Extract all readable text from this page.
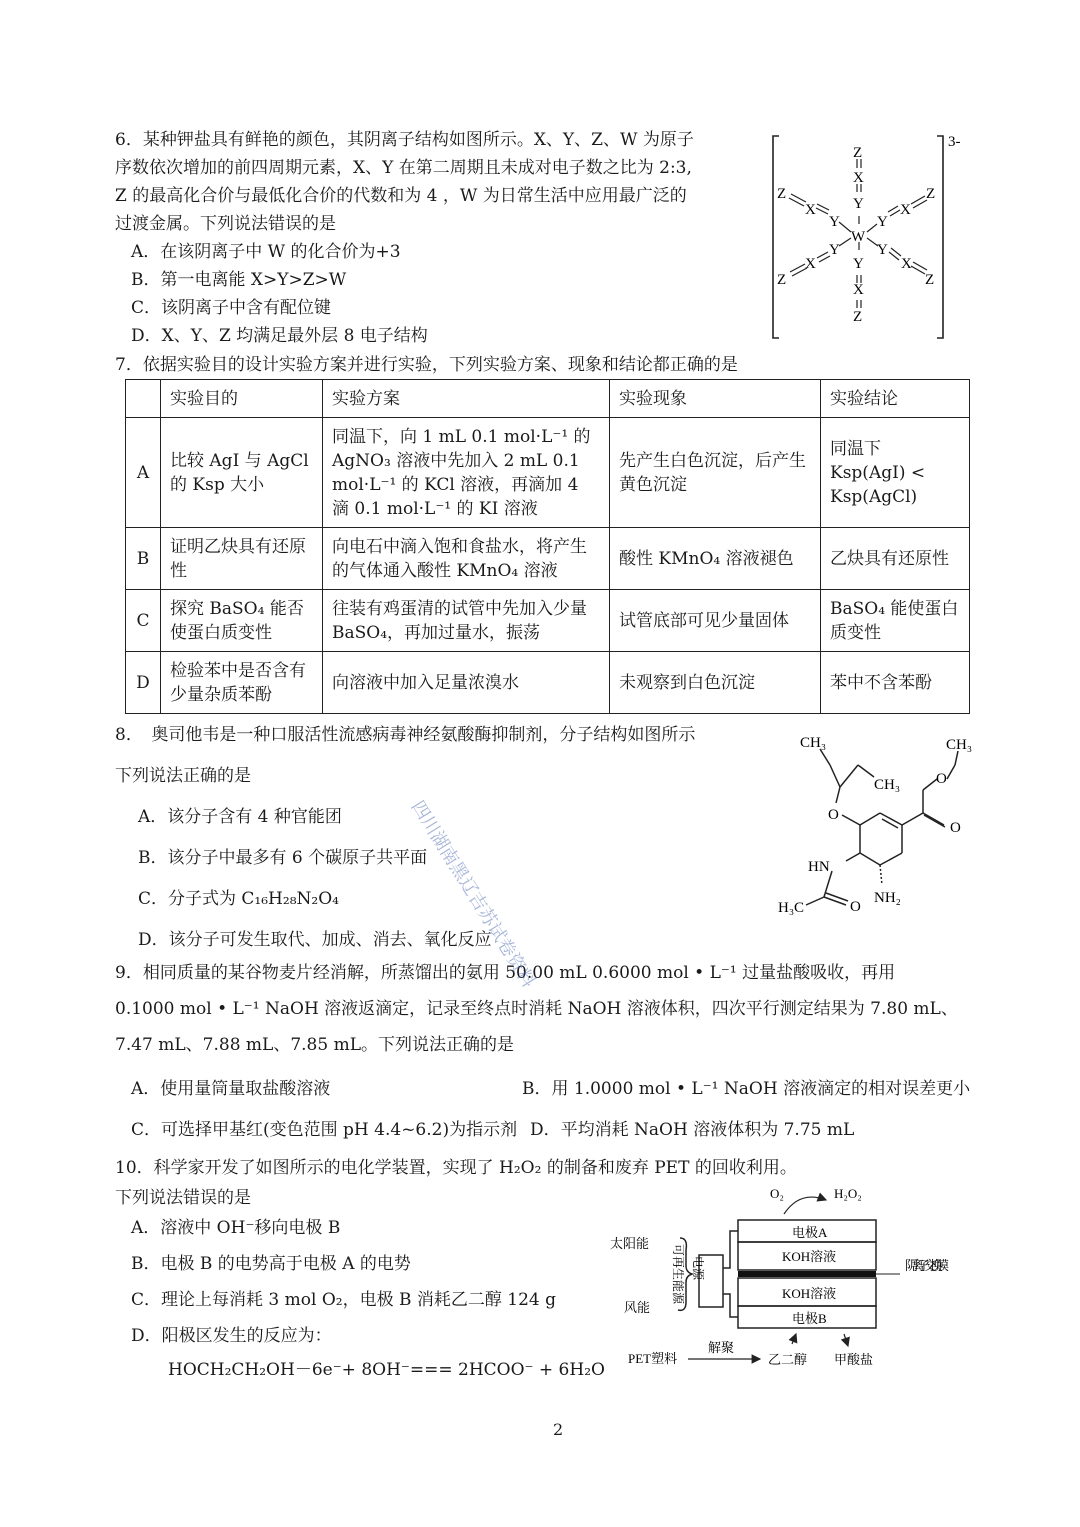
6．某种钾盐具有鲜艳的颜色，其阴离子结构如图所示。X、Y、Z、W 为原子
序数依次增加的前四周期元素，X、Y 在第二周期且未成对电子数之比为 2:3,
Z 的最高化合价与最低化合价的代数和为 4 ，W 为日常生活中应用最广泛的
过渡金属。下列说法错误的是
A．在该阴离子中 W 的化合价为+3
B．第一电离能 X>Y>Z>W
C．该阴离子中含有配位键
D．X、Y、Z 均满足最外层 8 电子结构
3-
Z
X
Y
W
Y
X
Z
Z
X
Y Y
X
Z
Y
X
Z
Y
X
Z
7．依据实验目的设计实验方案并进行实验，下列实验方案、现象和结论都正确的是
	实验目的	实验方案	实验现象	实验结论
A	比较 AgI 与 AgCl 的 Ksp 大小	同温下，向 1 mL 0.1 mol·L⁻¹ 的 AgNO₃ 溶液中先加入 2 mL 0.1 mol·L⁻¹ 的 KCl 溶液，再滴加 4 滴 0.1 mol·L⁻¹ 的 KI 溶液	先产生白色沉淀，后产生黄色沉淀	同温下 Ksp(AgI) < Ksp(AgCl)
B	证明乙炔具有还原性	向电石中滴入饱和食盐水，将产生的气体通入酸性 KMnO₄ 溶液	酸性 KMnO₄ 溶液褪色	乙炔具有还原性
C	探究 BaSO₄ 能否使蛋白质变性	往装有鸡蛋清的试管中先加入少量 BaSO₄，再加过量水，振荡	试管底部可见少量固体	BaSO₄ 能使蛋白质变性
D	检验苯中是否含有少量杂质苯酚	向溶液中加入足量浓溴水	未观察到白色沉淀	苯中不含苯酚
8．　奥司他韦是一种口服活性流感病毒神经氨酸酶抑制剂，分子结构如图所示
下列说法正确的是
A．该分子含有 4 种官能团
B．该分子中最多有 6 个碳原子共平面
C．分子式为 C₁₆H₂₈N₂O₄
D．该分子可发生取代、加成、消去、氧化反应
CH₃	CH₃
CH₃
O
O
O
HN
NH₂
H₃C	O
9．相同质量的某谷物麦片经消解，所蒸馏出的氨用 50.00 mL 0.6000 mol • L⁻¹ 过量盐酸吸收，再用
0.1000 mol • L⁻¹ NaOH 溶液返滴定，记录至终点时消耗 NaOH 溶液体积，四次平行测定结果为 7.80 mL、
7.47 mL、7.88 mL、7.85 mL。下列说法正确的是
A．使用量筒量取盐酸溶液	B．用 1.0000 mol • L⁻¹ NaOH 溶液滴定的相对误差更小
C．可选择甲基红(变色范围 pH 4.4~6.2)为指示剂 D．平均消耗 NaOH 溶液体积为 7.75 mL
10．科学家开发了如图所示的电化学装置，实现了 H₂O₂ 的制备和废弃 PET 的回收利用。
下列说法错误的是
A．溶液中 OH⁻移向电极 B
B．电极 B 的电势高于电极 A 的电势
C．理论上每消耗 3 mol O₂，电极 B 消耗乙二醇 124 g
D．阳极区发生的反应为：
HOCH₂CH₂OH－6e⁻+ 8OH⁻=== 2HCOO⁻ + 6H₂O
O₂	H₂O₂
电极A
KOH溶液
KOH溶液
电极B
阴离子交换膜
太阳能
风能
可再生能源 电源
PET塑料
解聚
乙二醇 甲酸盐
四川湖南黑辽吉苏试卷资料
2
